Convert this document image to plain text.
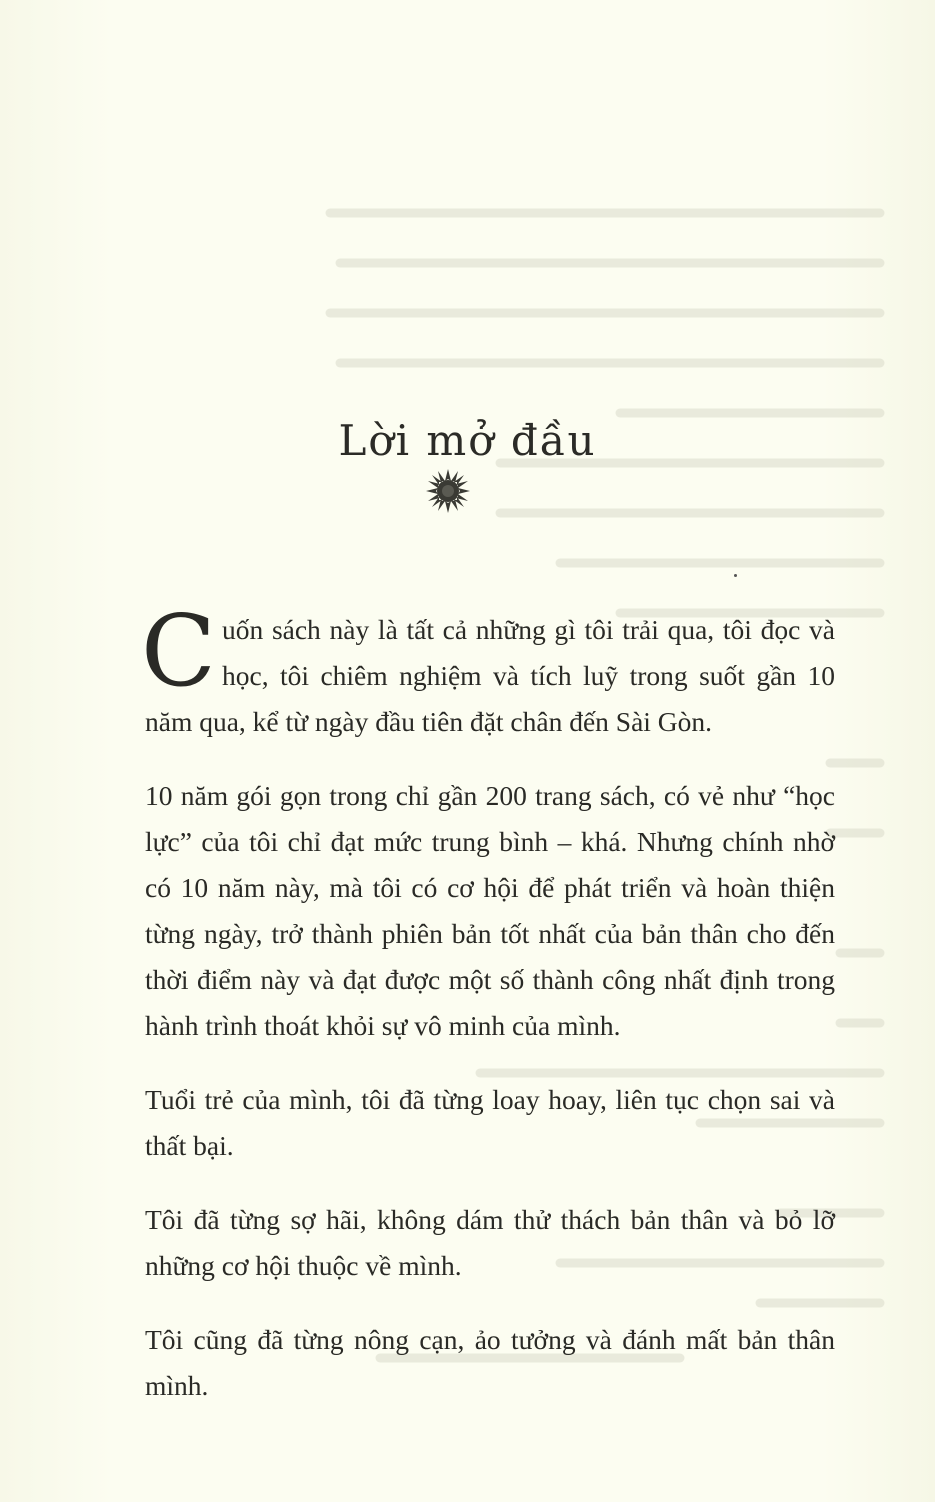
Lời mở đầu

Cuốn sách này là tất cả những gì tôi trải qua, tôi đọc và học, tôi chiêm nghiệm và tích luỹ trong suốt gần 10 năm qua, kể từ ngày đầu tiên đặt chân đến Sài Gòn.

10 năm gói gọn trong chỉ gần 200 trang sách, có vẻ như “học lực” của tôi chỉ đạt mức trung bình – khá. Nhưng chính nhờ có 10 năm này, mà tôi có cơ hội để phát triển và hoàn thiện từng ngày, trở thành phiên bản tốt nhất của bản thân cho đến thời điểm này và đạt được một số thành công nhất định trong hành trình thoát khỏi sự vô minh của mình.

Tuổi trẻ của mình, tôi đã từng loay hoay, liên tục chọn sai và thất bại.

Tôi đã từng sợ hãi, không dám thử thách bản thân và bỏ lỡ những cơ hội thuộc về mình.

Tôi cũng đã từng nông cạn, ảo tưởng và đánh mất bản thân mình.
